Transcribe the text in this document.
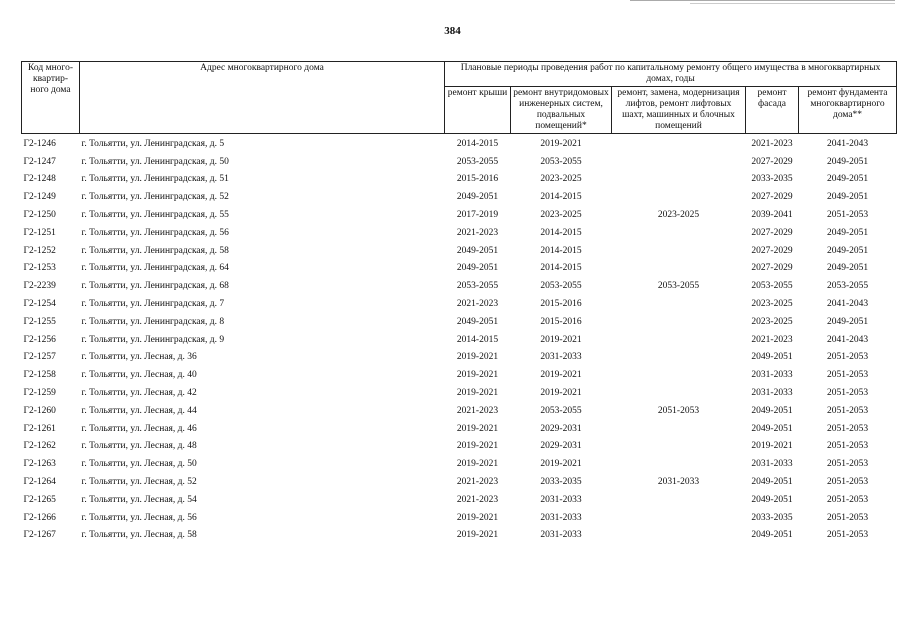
384
Код много-квартир-ного дома	Адрес многоквартирного дома	Плановые периоды проведения работ по капитальному ремонту общего имущества в многоквартирных домах, годы				
		ремонт крыши	ремонт внутридомовых инженерных систем, подвальных помещений*	ремонт, замена, модернизация лифтов, ремонт лифтовых шахт, машинных и блочных помещений	ремонт фасада	ремонт фундамента многоквартирного дома**
Г2-1246	г. Тольятти, ул. Ленинградская, д. 5	2014-2015	2019-2021		2021-2023	2041-2043
Г2-1247	г. Тольятти, ул. Ленинградская, д. 50	2053-2055	2053-2055		2027-2029	2049-2051
Г2-1248	г. Тольятти, ул. Ленинградская, д. 51	2015-2016	2023-2025		2033-2035	2049-2051
Г2-1249	г. Тольятти, ул. Ленинградская, д. 52	2049-2051	2014-2015		2027-2029	2049-2051
Г2-1250	г. Тольятти, ул. Ленинградская, д. 55	2017-2019	2023-2025	2023-2025	2039-2041	2051-2053
Г2-1251	г. Тольятти, ул. Ленинградская, д. 56	2021-2023	2014-2015		2027-2029	2049-2051
Г2-1252	г. Тольятти, ул. Ленинградская, д. 58	2049-2051	2014-2015		2027-2029	2049-2051
Г2-1253	г. Тольятти, ул. Ленинградская, д. 64	2049-2051	2014-2015		2027-2029	2049-2051
Г2-2239	г. Тольятти, ул. Ленинградская, д. 68	2053-2055	2053-2055	2053-2055	2053-2055	2053-2055
Г2-1254	г. Тольятти, ул. Ленинградская, д. 7	2021-2023	2015-2016		2023-2025	2041-2043
Г2-1255	г. Тольятти, ул. Ленинградская, д. 8	2049-2051	2015-2016		2023-2025	2049-2051
Г2-1256	г. Тольятти, ул. Ленинградская, д. 9	2014-2015	2019-2021		2021-2023	2041-2043
Г2-1257	г. Тольятти, ул. Лесная, д. 36	2019-2021	2031-2033		2049-2051	2051-2053
Г2-1258	г. Тольятти, ул. Лесная, д. 40	2019-2021	2019-2021		2031-2033	2051-2053
Г2-1259	г. Тольятти, ул. Лесная, д. 42	2019-2021	2019-2021		2031-2033	2051-2053
Г2-1260	г. Тольятти, ул. Лесная, д. 44	2021-2023	2053-2055	2051-2053	2049-2051	2051-2053
Г2-1261	г. Тольятти, ул. Лесная, д. 46	2019-2021	2029-2031		2049-2051	2051-2053
Г2-1262	г. Тольятти, ул. Лесная, д. 48	2019-2021	2029-2031		2019-2021	2051-2053
Г2-1263	г. Тольятти, ул. Лесная, д. 50	2019-2021	2019-2021		2031-2033	2051-2053
Г2-1264	г. Тольятти, ул. Лесная, д. 52	2021-2023	2033-2035	2031-2033	2049-2051	2051-2053
Г2-1265	г. Тольятти, ул. Лесная, д. 54	2021-2023	2031-2033		2049-2051	2051-2053
Г2-1266	г. Тольятти, ул. Лесная, д. 56	2019-2021	2031-2033		2033-2035	2051-2053
Г2-1267	г. Тольятти, ул. Лесная, д. 58	2019-2021	2031-2033		2049-2051	2051-2053
